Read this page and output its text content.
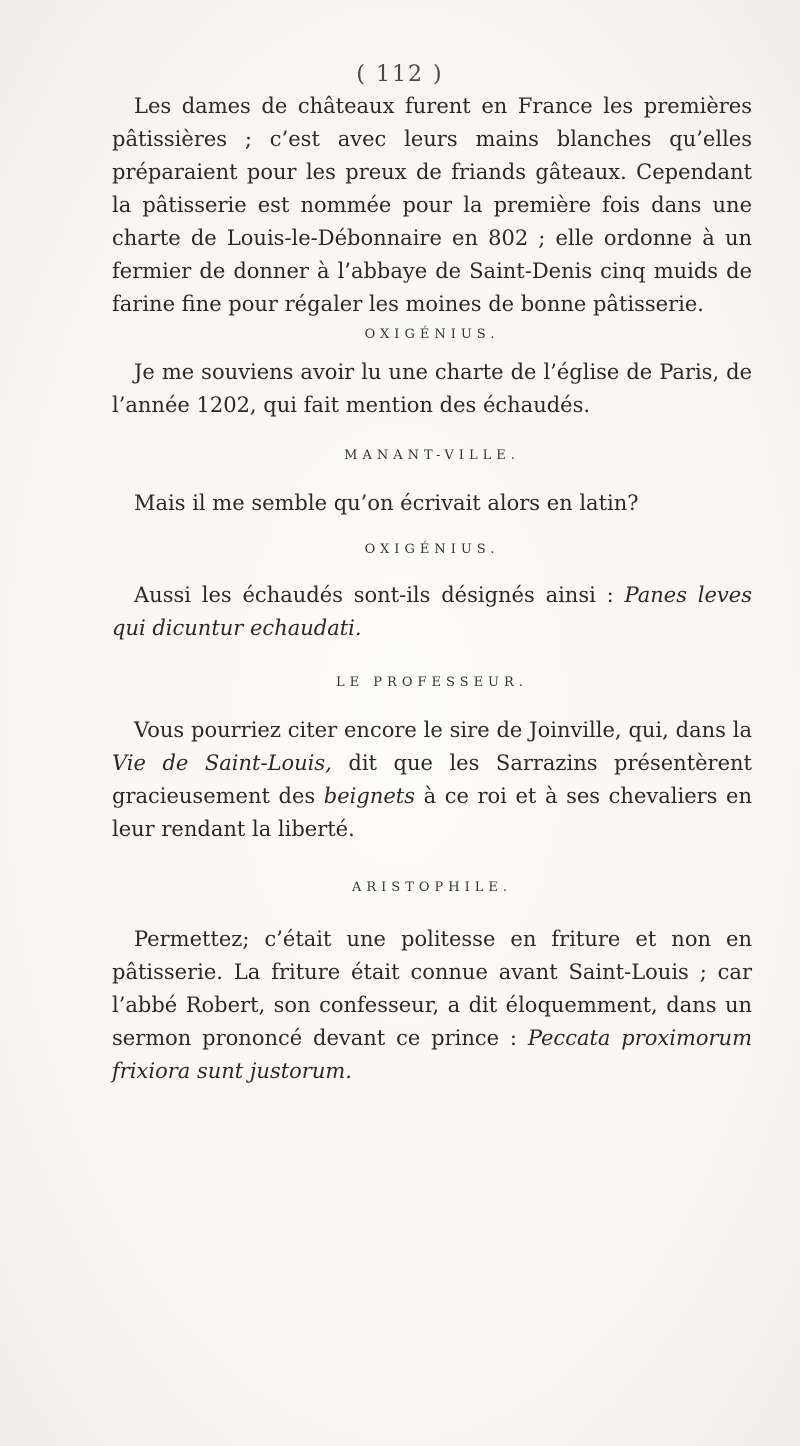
( 112 )

Les dames de châteaux furent en France les premières pâtissières ; c’est avec leurs mains blanches qu’elles préparaient pour les preux de friands gâteaux. Cependant la pâtisserie est nommée pour la première fois dans une charte de Louis-le-Débonnaire en 802 ; elle ordonne à un fermier de donner à l’abbaye de Saint-Denis cinq muids de farine fine pour régaler les moines de bonne pâtisserie.

OXIGÉNIUS.

Je me souviens avoir lu une charte de l’église de Paris, de l’année 1202, qui fait mention des échaudés.

MANANT-VILLE.

Mais il me semble qu’on écrivait alors en latin?

OXIGÉNIUS.

Aussi les échaudés sont-ils désignés ainsi : Panes leves qui dicuntur echaudati.

LE PROFESSEUR.

Vous pourriez citer encore le sire de Joinville, qui, dans la Vie de Saint-Louis, dit que les Sarrazins présentèrent gracieusement des beignets à ce roi et à ses chevaliers en leur rendant la liberté.

ARISTOPHILE.

Permettez; c’était une politesse en friture et non en pâtisserie. La friture était connue avant Saint-Louis ; car l’abbé Robert, son confesseur, a dit éloquemment, dans un sermon prononcé devant ce prince : Peccata proximorum frixiora sunt justorum.
